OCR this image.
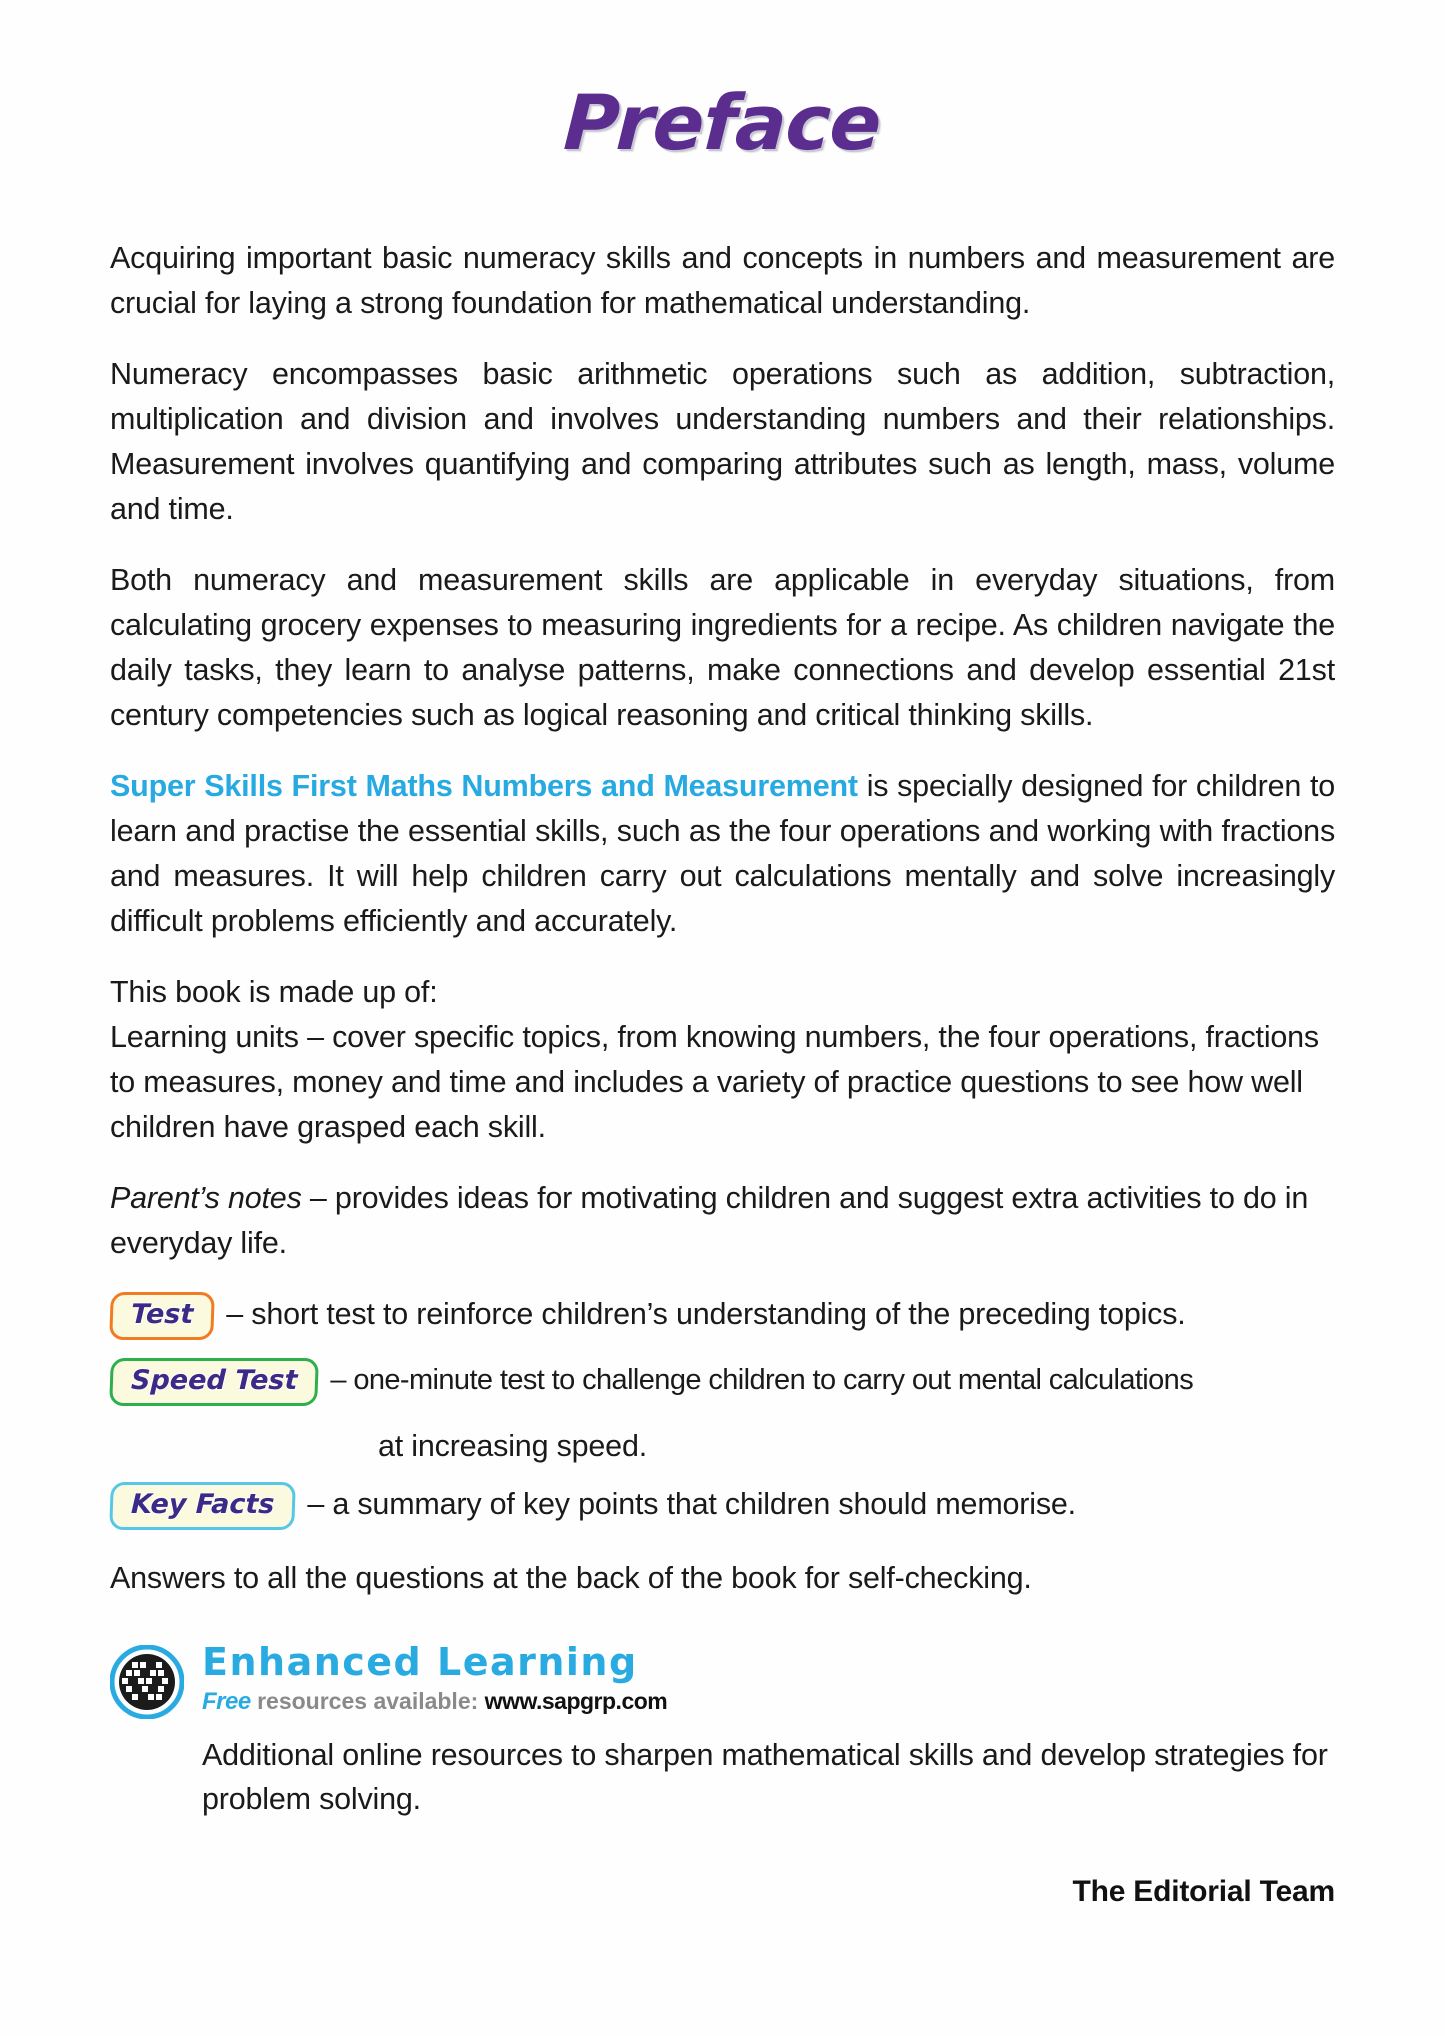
Preface

Acquiring important basic numeracy skills and concepts in numbers and measurement are crucial for laying a strong foundation for mathematical understanding.

Numeracy encompasses basic arithmetic operations such as addition, subtraction, multiplication and division and involves understanding numbers and their relationships. Measurement involves quantifying and comparing attributes such as length, mass, volume and time.

Both numeracy and measurement skills are applicable in everyday situations, from calculating grocery expenses to measuring ingredients for a recipe. As children navigate the daily tasks, they learn to analyse patterns, make connections and develop essential 21st century competencies such as logical reasoning and critical thinking skills.

Super Skills First Maths Numbers and Measurement is specially designed for children to learn and practise the essential skills, such as the four operations and working with fractions and measures. It will help children carry out calculations mentally and solve increasingly difficult problems efficiently and accurately.

This book is made up of:

Learning units – cover specific topics, from knowing numbers, the four operations, fractions to measures, money and time and includes a variety of practice questions to see how well children have grasped each skill.

Parent’s notes – provides ideas for motivating children and suggest extra activities to do in everyday life.

Test	– short test to reinforce children’s understanding of the preceding topics.
Speed Test	– one-minute test to challenge children to carry out mental calculations
at increasing speed.
Key Facts	– a summary of key points that children should memorise.

Answers to all the questions at the back of the book for self-checking.

Enhanced Learning
Free resources available: www.sapgrp.com

Additional online resources to sharpen mathematical skills and develop strategies for problem solving.

The Editorial Team
